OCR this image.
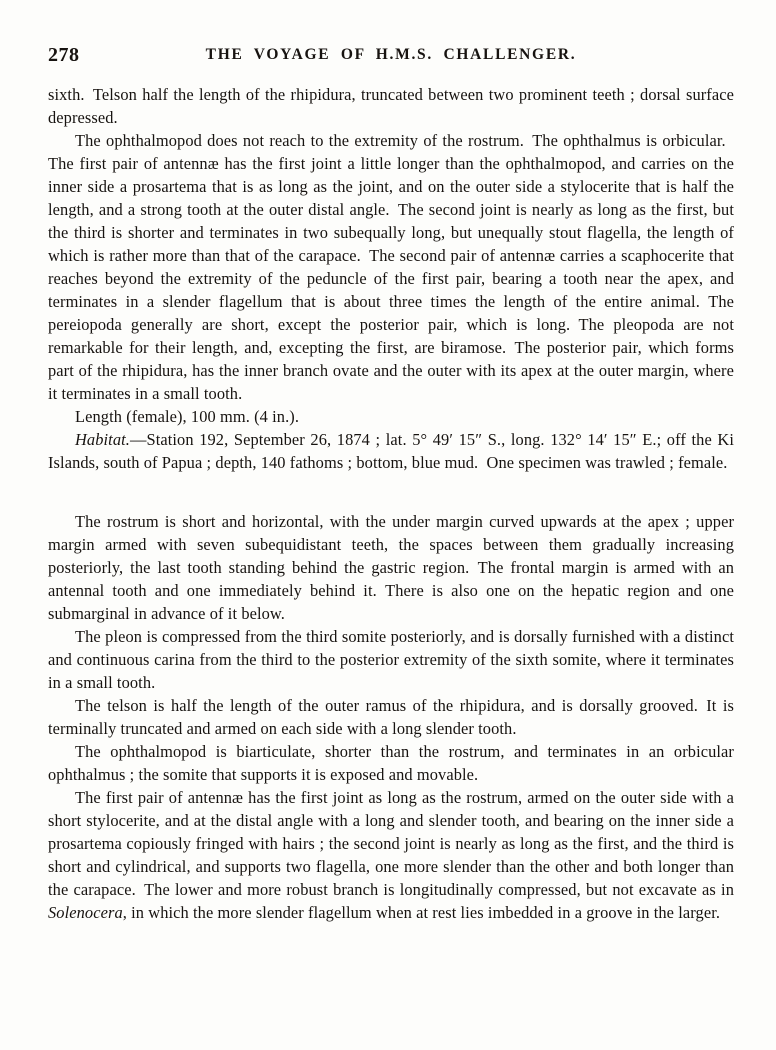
278	THE VOYAGE OF H.M.S. CHALLENGER.

sixth. Telson half the length of the rhipidura, truncated between two prominent teeth ; dorsal surface depressed.

The ophthalmopod does not reach to the extremity of the rostrum. The ophthalmus is orbicular. The first pair of antennæ has the first joint a little longer than the ophthalmopod, and carries on the inner side a prosartema that is as long as the joint, and on the outer side a stylocerite that is half the length, and a strong tooth at the outer distal angle. The second joint is nearly as long as the first, but the third is shorter and terminates in two subequally long, but unequally stout flagella, the length of which is rather more than that of the carapace. The second pair of antennæ carries a scaphocerite that reaches beyond the extremity of the peduncle of the first pair, bearing a tooth near the apex, and terminates in a slender flagellum that is about three times the length of the entire animal. The pereiopoda generally are short, except the posterior pair, which is long. The pleopoda are not remarkable for their length, and, excepting the first, are biramose. The posterior pair, which forms part of the rhipidura, has the inner branch ovate and the outer with its apex at the outer margin, where it terminates in a small tooth.

Length (female), 100 mm. (4 in.).

Habitat.—Station 192, September 26, 1874 ; lat. 5° 49′ 15″ S., long. 132° 14′ 15″ E.; off the Ki Islands, south of Papua ; depth, 140 fathoms ; bottom, blue mud. One specimen was trawled ; female.

The rostrum is short and horizontal, with the under margin curved upwards at the apex ; upper margin armed with seven subequidistant teeth, the spaces between them gradually increasing posteriorly, the last tooth standing behind the gastric region. The frontal margin is armed with an antennal tooth and one immediately behind it. There is also one on the hepatic region and one submarginal in advance of it below.

The pleon is compressed from the third somite posteriorly, and is dorsally furnished with a distinct and continuous carina from the third to the posterior extremity of the sixth somite, where it terminates in a small tooth.

The telson is half the length of the outer ramus of the rhipidura, and is dorsally grooved. It is terminally truncated and armed on each side with a long slender tooth.

The ophthalmopod is biarticulate, shorter than the rostrum, and terminates in an orbicular ophthalmus ; the somite that supports it is exposed and movable.

The first pair of antennæ has the first joint as long as the rostrum, armed on the outer side with a short stylocerite, and at the distal angle with a long and slender tooth, and bearing on the inner side a prosartema copiously fringed with hairs ; the second joint is nearly as long as the first, and the third is short and cylindrical, and supports two flagella, one more slender than the other and both longer than the carapace. The lower and more robust branch is longitudinally compressed, but not excavate as in Solenocera, in which the more slender flagellum when at rest lies imbedded in a groove in the larger.
